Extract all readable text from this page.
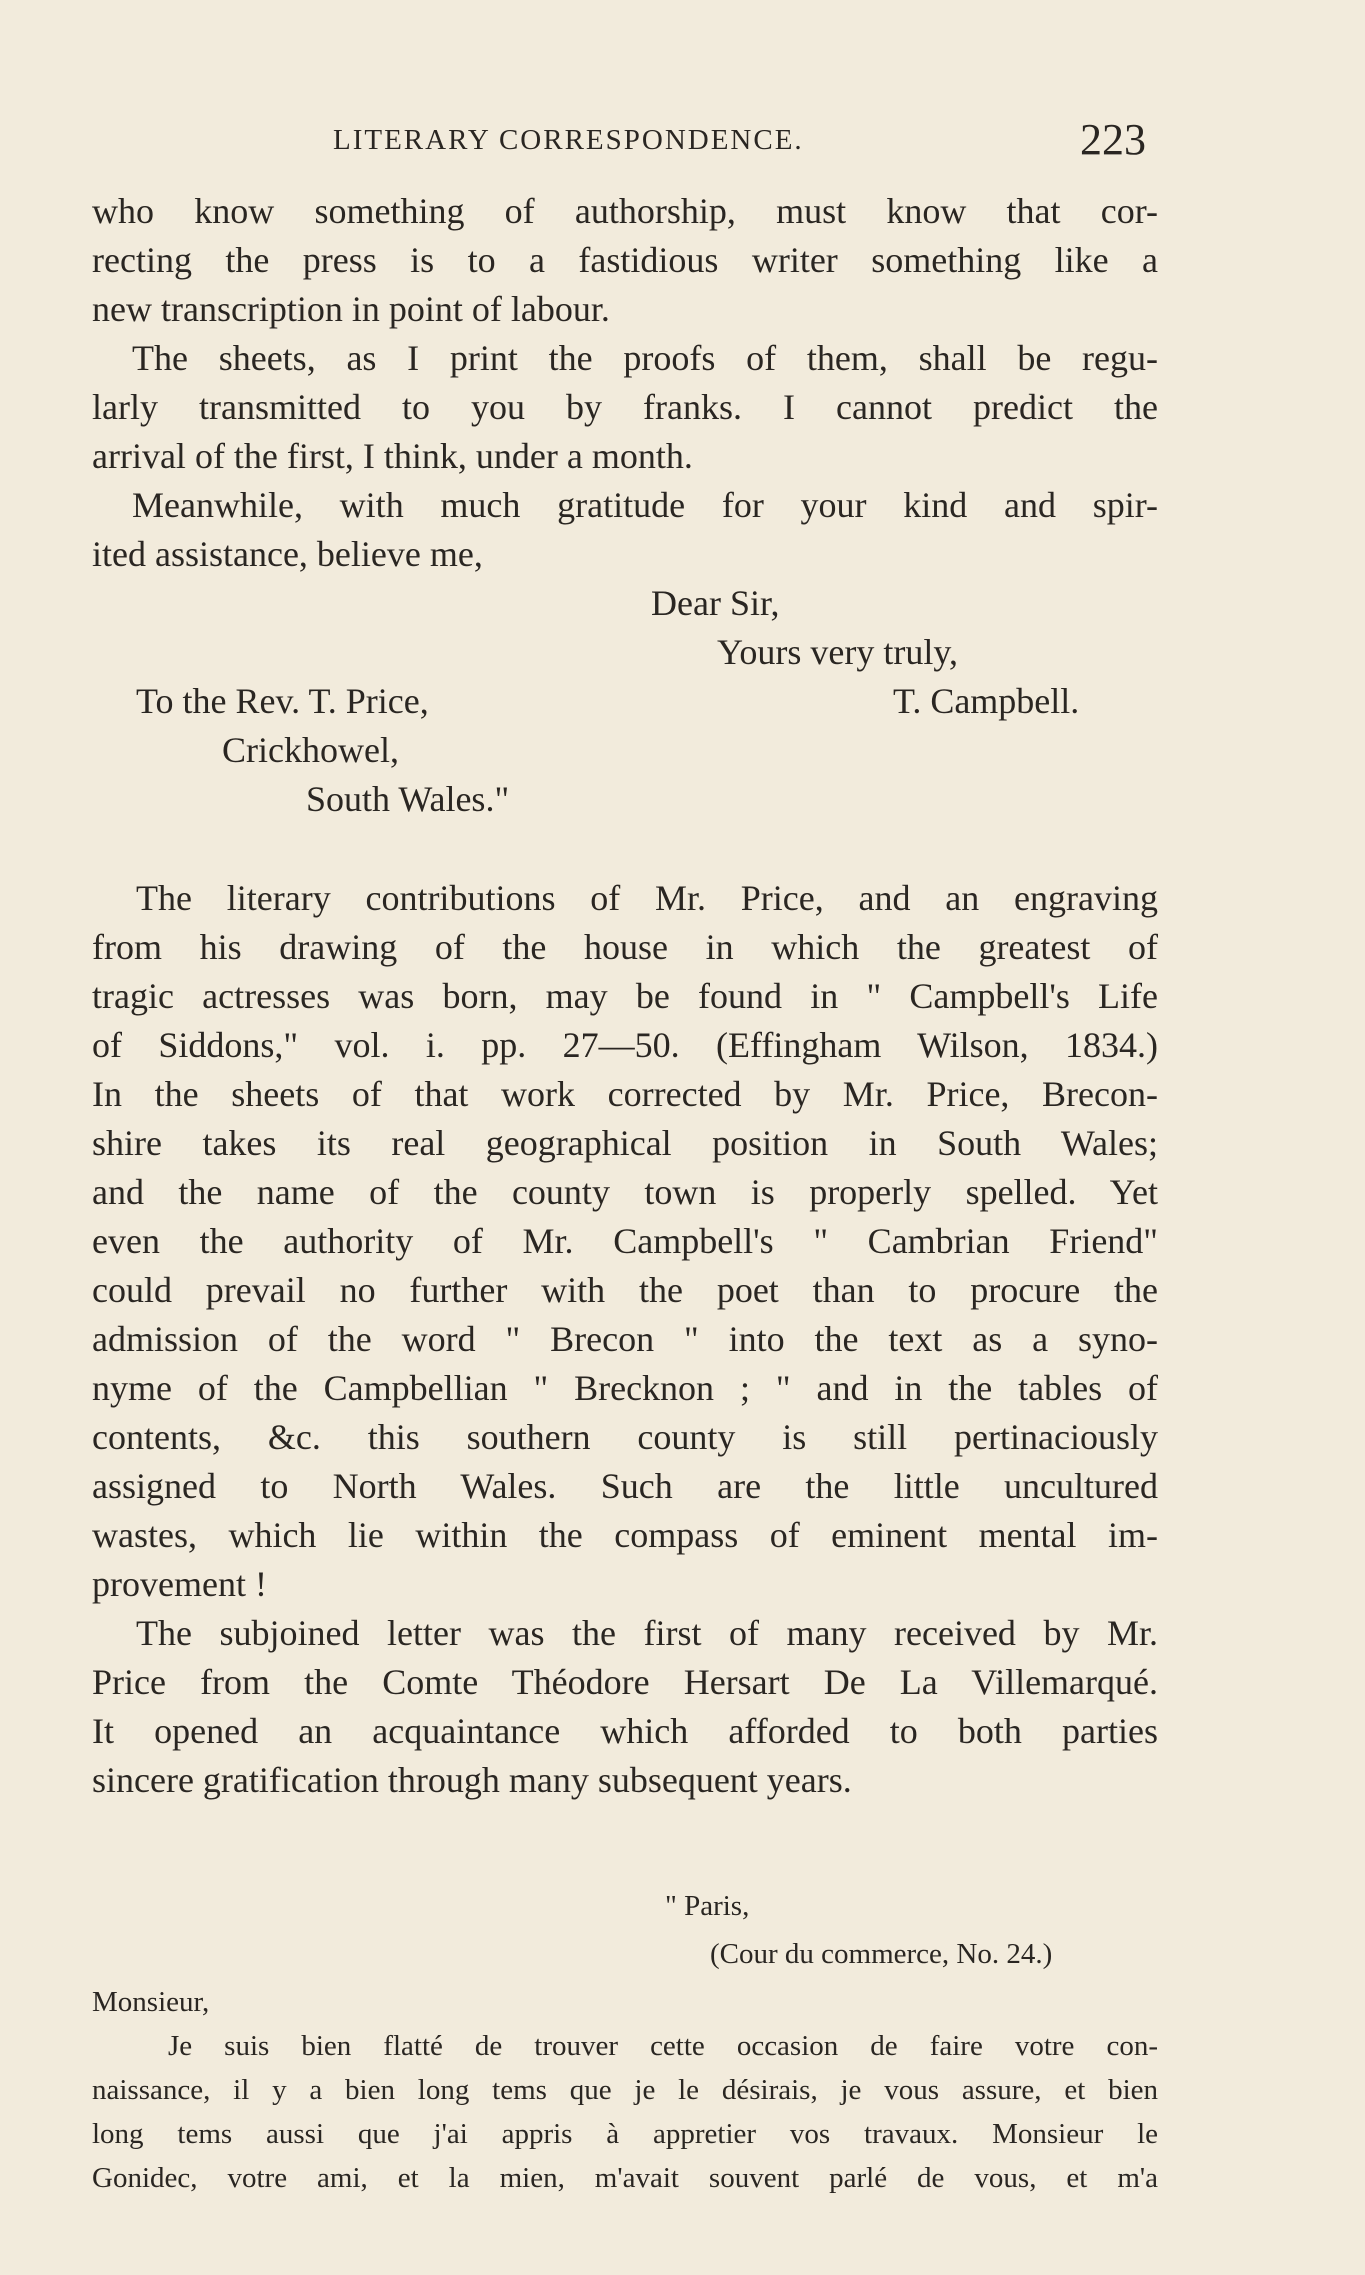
LITERARY CORRESPONDENCE.	223
who know something of authorship, must know that cor-
recting the press is to a fastidious writer something like a
new transcription in point of labour.
The sheets, as I print the proofs of them, shall be regu-
larly transmitted to you by franks. I cannot predict the
arrival of the first, I think, under a month.
Meanwhile, with much gratitude for your kind and spir-
ited assistance, believe me,
Dear Sir,
Yours very truly,
To the Rev. T. Price,	T. Campbell.
Crickhowel,
South Wales."
The literary contributions of Mr. Price, and an engraving
from his drawing of the house in which the greatest of
tragic actresses was born, may be found in " Campbell's Life
of Siddons," vol. i. pp. 27—50. (Effingham Wilson, 1834.)
In the sheets of that work corrected by Mr. Price, Brecon-
shire takes its real geographical position in South Wales;
and the name of the county town is properly spelled. Yet
even the authority of Mr. Campbell's " Cambrian Friend"
could prevail no further with the poet than to procure the
admission of the word " Brecon " into the text as a syno-
nyme of the Campbellian " Brecknon ; " and in the tables of
contents, &c. this southern county is still pertinaciously
assigned to North Wales. Such are the little uncultured
wastes, which lie within the compass of eminent mental im-
provement !
The subjoined letter was the first of many received by Mr.
Price from the Comte Théodore Hersart De La Villemarqué.
It opened an acquaintance which afforded to both parties
sincere gratification through many subsequent years.
" Paris,
(Cour du commerce, No. 24.)
Monsieur,
Je suis bien flatté de trouver cette occasion de faire votre con-
naissance, il y a bien long tems que je le désirais, je vous assure, et bien
long tems aussi que j'ai appris à appretier vos travaux. Monsieur le
Gonidec, votre ami, et la mien, m'avait souvent parlé de vous, et m'a
